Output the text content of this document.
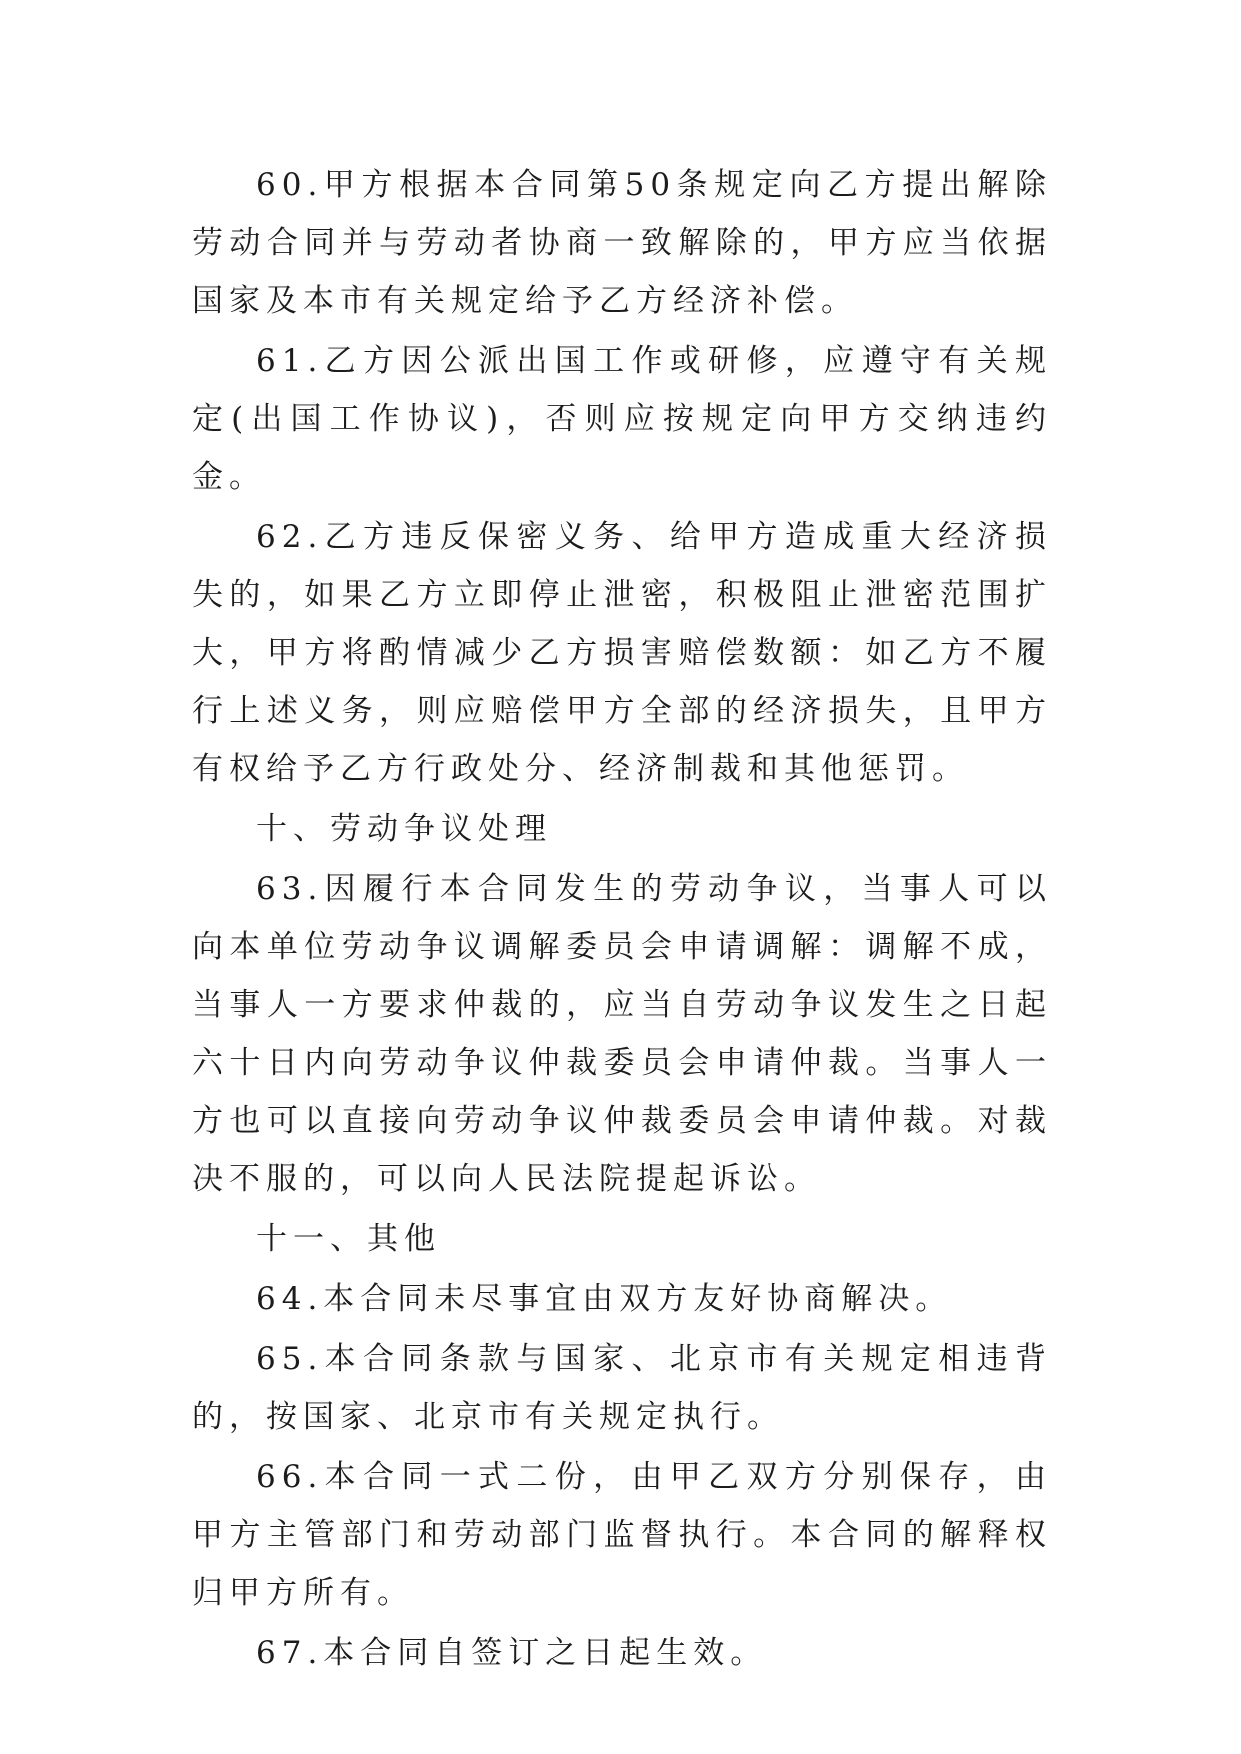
60.甲方根据本合同第50条规定向乙方提出解除劳动合同并与劳动者协商一致解除的，甲方应当依据国家及本市有关规定给予乙方经济补偿。

61.乙方因公派出国工作或研修，应遵守有关规定(出国工作协议)，否则应按规定向甲方交纳违约金。

62.乙方违反保密义务、给甲方造成重大经济损失的，如果乙方立即停止泄密，积极阻止泄密范围扩大，甲方将酌情减少乙方损害赔偿数额：如乙方不履行上述义务，则应赔偿甲方全部的经济损失，且甲方有权给予乙方行政处分、经济制裁和其他惩罚。

十、劳动争议处理

63.因履行本合同发生的劳动争议，当事人可以向本单位劳动争议调解委员会申请调解：调解不成，当事人一方要求仲裁的，应当自劳动争议发生之日起六十日内向劳动争议仲裁委员会申请仲裁。当事人一方也可以直接向劳动争议仲裁委员会申请仲裁。对裁决不服的，可以向人民法院提起诉讼。

十一、其他

64.本合同未尽事宜由双方友好协商解决。

65.本合同条款与国家、北京市有关规定相违背的，按国家、北京市有关规定执行。

66.本合同一式二份，由甲乙双方分别保存，由甲方主管部门和劳动部门监督执行。本合同的解释权归甲方所有。

67.本合同自签订之日起生效。
